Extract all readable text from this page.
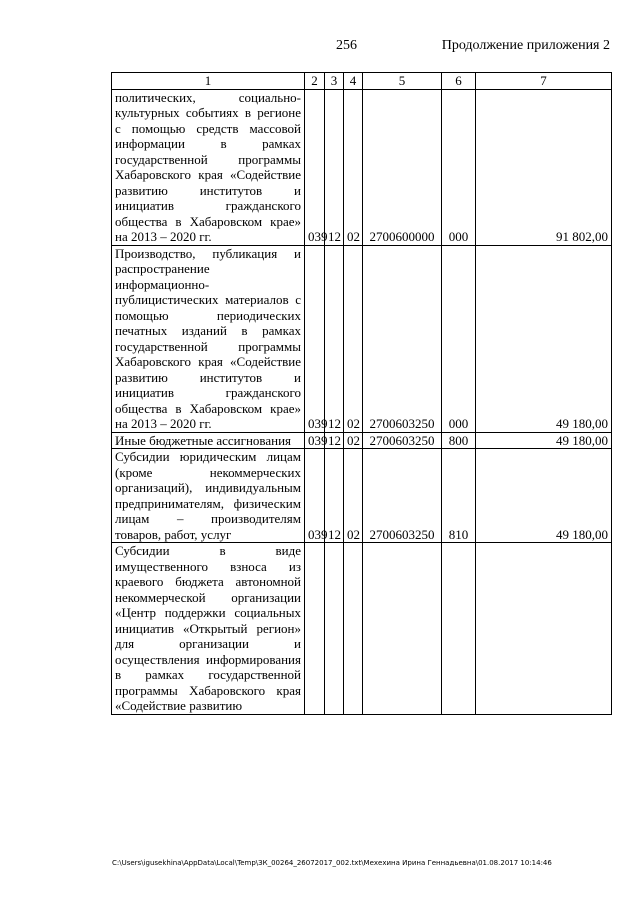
256	Продолжение приложения 2
1	2	3	4	5	6	7
политических, социально-культурных событиях в регионе с помощью средств массовой информации в рамках государственной программы Хабаровского края «Содействие развитию институтов и инициатив гражданского общества в Хабаровском крае» на 2013 – 2020 гг.	039	12	02	2700600000	000	91 802,00
Производство, публикация и распространение информационно-публицистических материалов с помощью периодических печатных изданий в рамках государственной программы Хабаровского края «Содействие развитию институтов и инициатив гражданского общества в Хабаровском крае» на 2013 – 2020 гг.	039	12	02	2700603250	000	49 180,00
Иные бюджетные ассигнования	039	12	02	2700603250	800	49 180,00
Субсидии юридическим лицам (кроме некоммерческих организаций), индивидуальным предпринимателям, физическим лицам – производителям товаров, работ, услуг	039	12	02	2700603250	810	49 180,00
Субсидии в виде имущественного взноса из краевого бюджета автономной некоммерческой организации «Центр поддержки социальных инициатив «Открытый регион» для организации и осуществления информирования в рамках государственной программы Хабаровского края «Содействие развитию						
C:\Users\igusekhina\AppData\Local\Temp\ЗК_00264_26072017_002.txt\Мехехина Ирина Геннадьевна\01.08.2017 10:14:46
